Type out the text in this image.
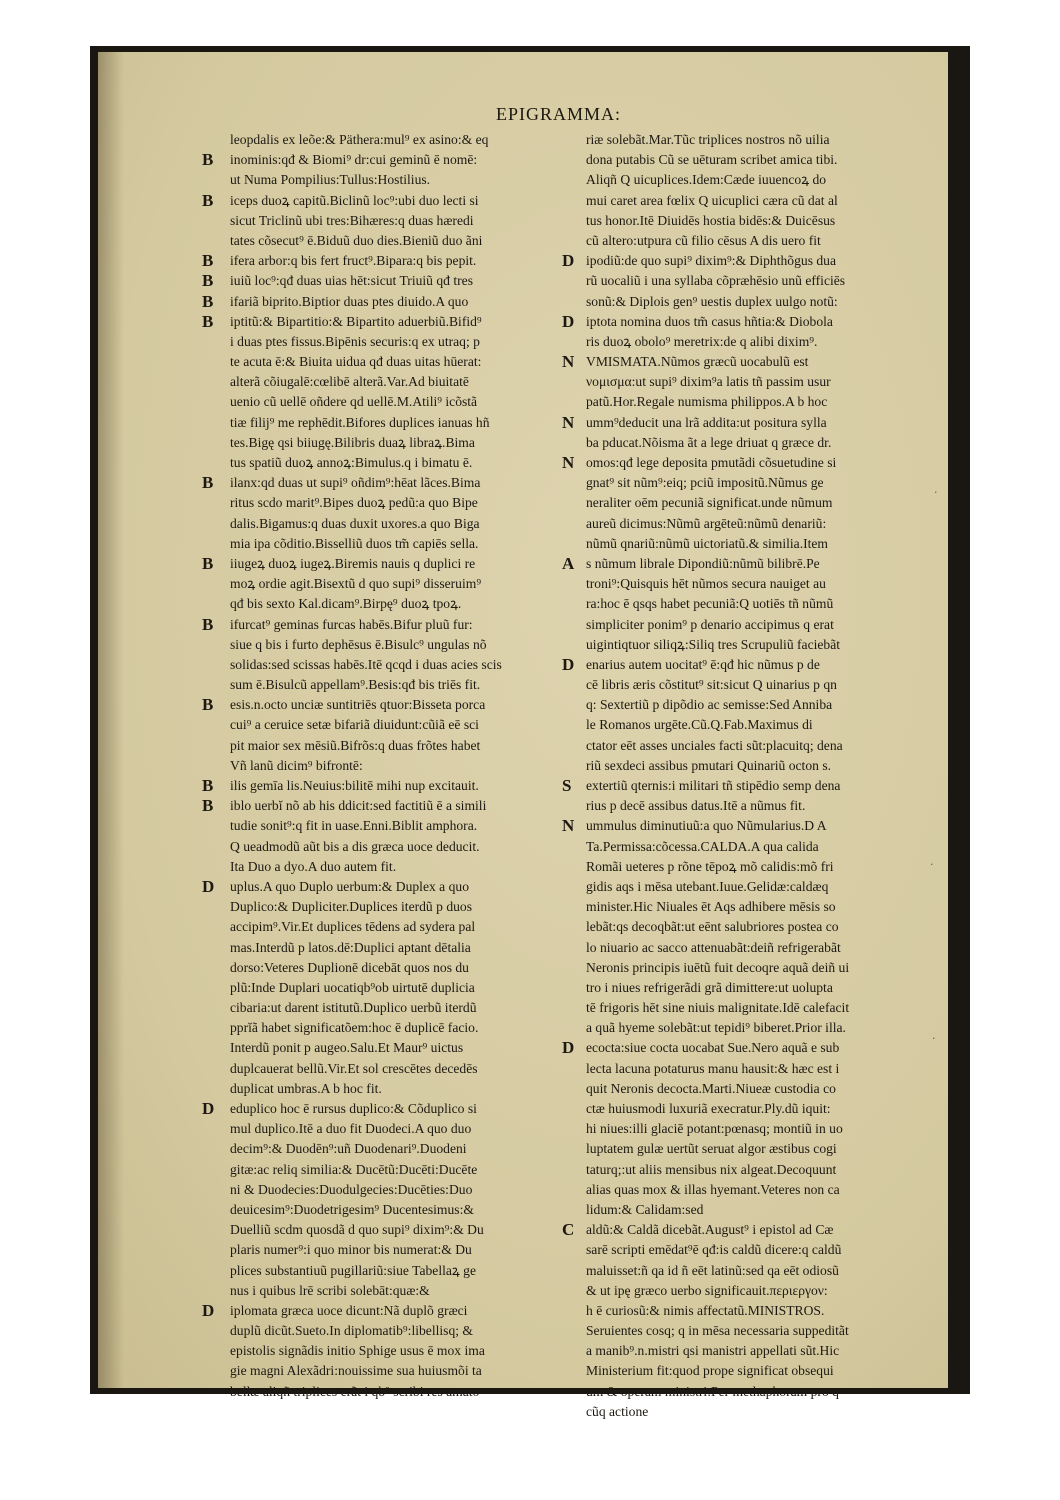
EPIGRAMMA:
leopdalis ex leõe:& Päthera:mul⁹ ex asino:& eq
B inominis:qđ & Biomi⁹ dr:cui geminũ ē nomē:
ut Numa Pompilius:Tullus:Hostilius.
B iceps duoꝝ capitũ.Biclinũ loc⁹:ubi duo lecti si
sicut Triclinũ ubi tres:Bihæres:q duas hæredi
tates cõsecut⁹ ē.Biduũ duo dies.Bieniũ duo ãni
B ifera arbor:q bis fert fruct⁹.Bipara:q bis pepit.
B iuiũ loc⁹:qđ duas uias hēt:sicut Triuiũ qđ tres
B ifariã biprito.Biptior duas ptes diuido.A quo
B iptitũ:& Bipartitio:& Bipartito aduerbiũ.Bifid⁹
i duas ptes fissus.Bipēnis securis:q ex utraq; p
te acuta ē:& Biuita uidua qđ duas uitas hūerat:
alterã cõiugalē:cœlibē alterã.Var.Ad biuitatē
uenio cũ uellē oñdere qd uellē.M.Atili⁹ icõstã
tiæ filĳ⁹ me rephēdit.Bifores duplices ianuas hñ
tes.Bigę qsi biiugę.Bilibris duaꝝ libraꝝ.Bima
tus spatiũ duoꝝ annoꝝ:Bimulus.q i bimatu ē.
B ilanx:qd duas ut supi⁹ oñdim⁹:hēat lãces.Bima
ritus scdo marit⁹.Bipes duoꝝ pedũ:a quo Bipe
dalis.Bigamus:q duas duxit uxores.a quo Biga
mia ipa cõditio.Bisselliũ duos tm̃ capiēs sella.
B iiugeꝝ duoꝝ iugeꝝ.Biremis nauis q duplici re
moꝝ ordie agit.Bisextũ d quo supi⁹ disseruim⁹
qđ bis sexto Kal.dicam⁹.Birpę⁹ duoꝝ tpoꝝ.
B ifurcat⁹ geminas furcas habēs.Bifur pluũ fur:
siue q bis i furto dephēsus ē.Bisulc⁹ ungulas nõ
solidas:sed scissas habēs.Itē qcqd i duas acies scis
sum ē.Bisulcũ appellam⁹.Besis:qđ bis triēs fit.
B esis.n.octo unciæ suntitriēs qtuor:Bisseta porca
cui⁹ a ceruice setæ bifariã diuidunt:cũiã eē sci
pit maior sex mēsiũ.Bifrõs:q duas frõtes habet
Vñ lanũ dicim⁹ bifrontē:
B ilis gemīa lis.Neuius:bilitē mihi nup excitauit.
B iblo uerbĭ nõ ab his ddicit:sed factitiũ ē a simili
tudie sonit⁹:q fit in uase.Enni.Biblit amphora.
Q ueadmodũ aũt bis a dis græca uoce deducit.
Ita Duo a dyo.A duo autem fit.
D uplus.A quo Duplo uerbum:& Duplex a quo
Duplico:& Dupliciter.Duplices iterdũ p duos
accipim⁹.Vir.Et duplices tēdens ad sydera pal
mas.Interdũ p latos.dē:Duplici aptant dētalia
dorso:Veteres Duplionē dicebāt quos nos du
plũ:Inde Duplari uocatiqb⁹ob uirtutē duplicia
cibaria:ut darent istitutũ.Duplico uerbũ iterdũ
pprĭã habet significatõem:hoc ē duplicē facio.
Interdũ ponit p augeo.Salu.Et Maur⁹ uictus
duplcauerat bellũ.Vir.Et sol crescētes decedēs
duplicat umbras.A b hoc fit.
D eduplico hoc ē rursus duplico:& Cõduplico si
mul duplico.Itē a duo fit Duodeci.A quo duo
decim⁹:& Duodēn⁹:uñ Duodenari⁹.Duodeni
gitæ:ac reliq similia:& Ducētũ:Ducēti:Ducēte
ni & Duodecies:Duodulgecies:Ducēties:Duo
deuicesim⁹:Duodetrigesim⁹ Ducentesimus:&
Duelliũ scdm quosdã d quo supi⁹ dixim⁹:& Du
plaris numer⁹:i quo minor bis numerat:& Du
plices substantiuũ pugillariũ:siue Tabellaꝝ ge
nus i quibus lrē scribi solebāt:quæ:&
D iplomata græca uoce dicunt:Nã duplõ græci
duplũ dicũt.Sueto.In diplomatib⁹:libellisq; &
epistolis signãdis initio Sphige usus ē mox ima
gie magni Alexãdri:nouissime sua huiusmõi ta
bellæ aliqñ triplices erãt i qb⁹ scribi res amato
riæ solebãt.Mar.Tũc triplices nostros nõ uilia
dona putabis Cũ se uēturam scribet amica tibi.
Aliqñ Q uicuplices.Idem:Cæde iuuencoꝝ do
mui caret area fœlix Q uicuplici cæra cũ dat al
tus honor.Itē Diuidēs hostia bidēs:& Duicēsus
cũ altero:utpura cũ filio cēsus A dis uero fit
D ipodiũ:de quo supi⁹ dixim⁹:& Diphthõgus dua
rũ uocaliũ i una syllaba cõpræhēsio unũ efficiēs
sonũ:& Diplois gen⁹ uestis duplex uulgo notũ:
D iptota nomina duos tm̃ casus hñtia:& Diobola
ris duoꝝ obolo⁹ meretrix:de q alibi dixim⁹.
N VMISMATA.Nũmos græcũ uocabulũ est
νομισμα:ut supi⁹ dixim⁹a latis tñ passim usur
patũ.Hor.Regale numisma philippos.A b hoc
N umm⁹deducit una lrã addita:ut positura sylla
ba pducat.Nõisma ãt a lege driuat q græce dr.
N omos:qđ lege deposita pmutãdi cõsuetudine si
gnat⁹ sit nũm⁹:eiq; pciũ impositũ.Nũmus ge
neraliter oēm pecuniã significat.unde nũmum
aureũ dicimus:Nũmũ argēteũ:nũmũ denariũ:
nũmũ qnariũ:nũmũ uictoriatũ.& similia.Item
A s nũmum librale Dipondiũ:nũmũ bilibrē.Pe
troni⁹:Quisquis hēt nũmos secura nauiget au
ra:hoc ē qsqs habet pecuniã:Q uotiēs tñ nũmũ
simpliciter ponim⁹ p denario accipimus q erat
uigintiqtuor siliqꝝ:Siliq tres Scrupuliũ faciebãt
D enarius autem uocitat⁹ ē:qđ hic nũmus p de
cē libris æris cõstitut⁹ sit:sicut Q uinarius p qn
q: Sextertiũ p dipõdio ac semisse:Sed Anniba
le Romanos urgēte.Cũ.Q.Fab.Maximus di
ctator eēt asses unciales facti sũt:placuitq; dena
riũ sexdeci assibus pmutari Quinariũ octon s.
S extertiũ qternis:i militari tñ stipēdio semp dena
rius p decē assibus datus.Itē a nũmus fit.
N ummulus diminutiuũ:a quo Nũmularius.D A
Ta.Permissa:cõcessa.CALDA.A qua calida
Romãi ueteres p rõne tēpoꝝ mõ calidis:mõ fri
gidis aqs i mēsa utebant.Iuue.Gelidæ:caldæq
minister.Hic Niuales ēt Aqs adhibere mēsis so
lebãt:qs decoqbãt:ut eēnt salubriores postea co
lo niuario ac sacco attenuabãt:deiñ refrigerabãt
Neronis principis iuētũ fuit decoqre aquã deiñ ui
tro i niues refrigerãdi grã dimittere:ut uolupta
tē frigoris hēt sine niuis malignitate.Idē calefacit
a quã hyeme solebãt:ut tepidi⁹ biberet.Prior illa.
D ecocta:siue cocta uocabat Sue.Nero aquã e sub
lecta lacuna potaturus manu hausit:& hæc est i
quit Neronis decocta.Marti.Niueæ custodia co
ctæ huiusmodi luxuriã execratur.Ply.dũ iquit:
hi niues:illi glaciē potant:pœnasq; montiũ in uo
luptatem gulæ uertũt seruat algor æstibus cogi
taturq;:ut aliis mensibus nix algeat.Decoquunt
alias quas mox & illas hyemant.Veteres non ca
lidum:& Calidam:sed
C aldũ:& Caldã dicebãt.August⁹ i epistol ad Cæ
sarē scripti emēdat⁹ē qđ:is caldũ dicere:q caldũ
maluisset:ñ qa id ñ eēt latinũ:sed qa eēt odiosũ
& ut ipę græco uerbo significauit.περιεργον:
h ē curiosũ:& nimis affectatũ.MINISTROS.
Seruientes cosq; q in mēsa necessaria suppeditãt
a manib⁹.n.mistri qsi manistri appellati sũt.Hic
Ministerium fit:quod prope significat obsequi
um & operam ministri:Per methaphoram pro q
cũq actione
·
·
·
